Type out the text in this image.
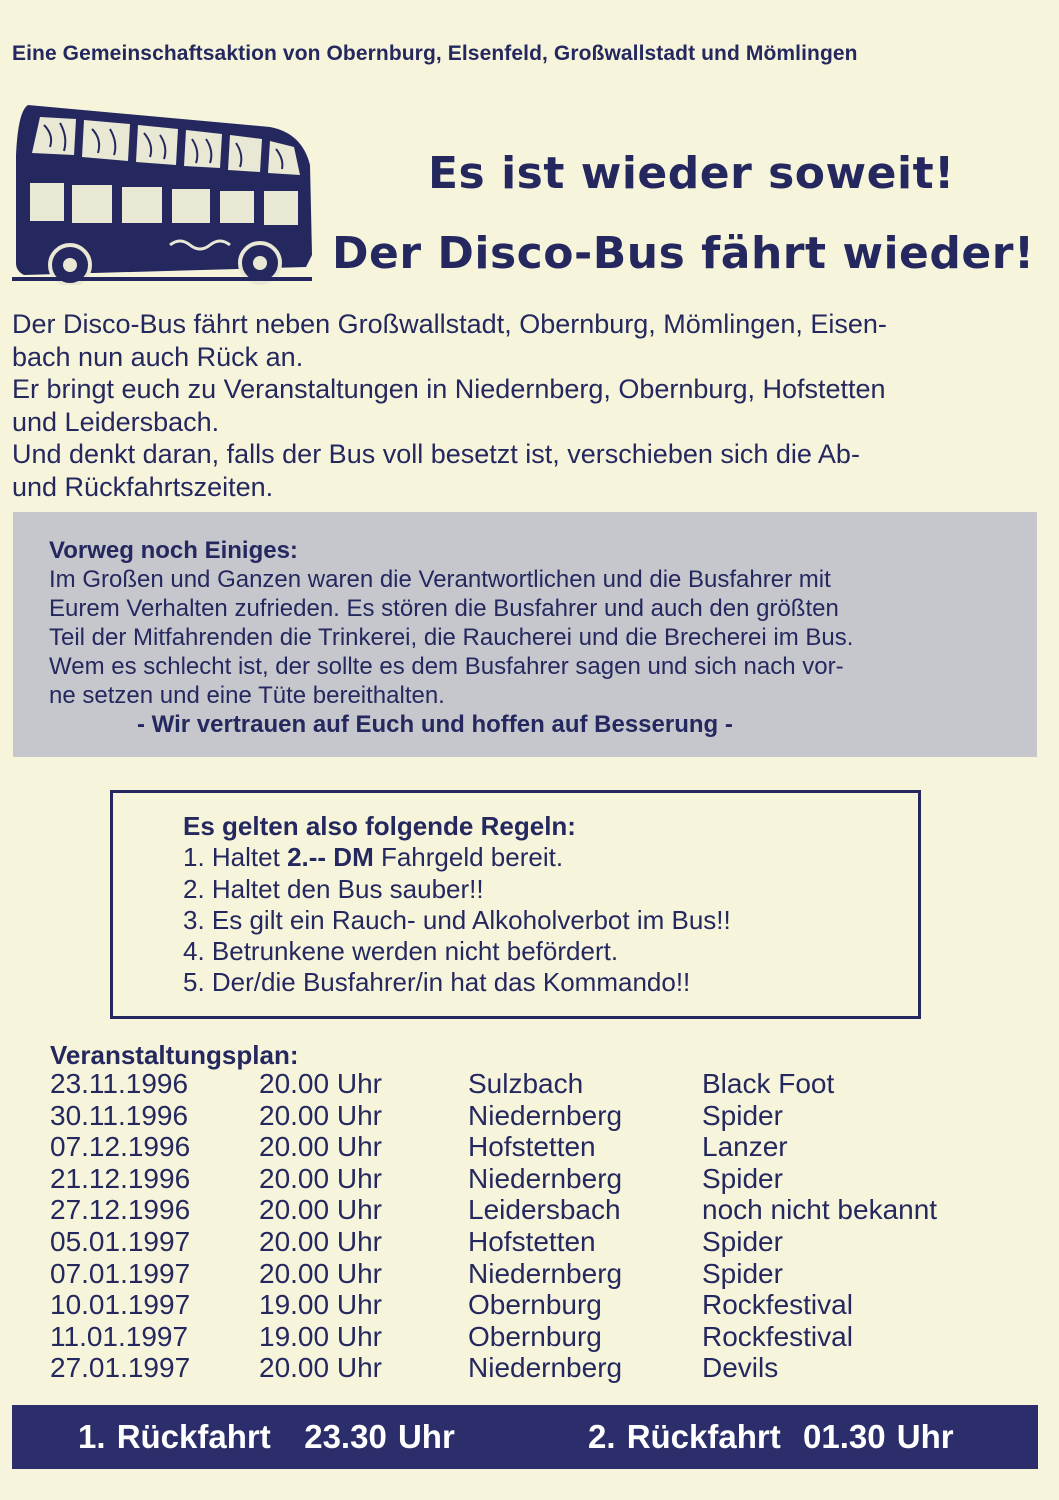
Eine Gemeinschaftsaktion von Obernburg, Elsenfeld, Großwallstadt und Mömlingen
Es ist wieder soweit!
Der Disco-Bus fährt wieder!

Der Disco-Bus fährt neben Großwallstadt, Obernburg, Mömlingen, Eisen-

bach nun auch Rück an.

Er bringt euch zu Veranstaltungen in Niedernberg, Obernburg, Hofstetten

und Leidersbach.

Und denkt daran, falls der Bus voll besetzt ist, verschieben sich die Ab-

und Rückfahrtszeiten.

Vorweg noch Einiges:
Im Großen und Ganzen waren die Verantwortlichen und die Busfahrer mit
Eurem Verhalten zufrieden. Es stören die Busfahrer und auch den größten
Teil der Mitfahrenden die Trinkerei, die Raucherei und die Brecherei im Bus.
Wem es schlecht ist, der sollte es dem Busfahrer sagen und sich nach vor-
ne setzen und eine Tüte bereithalten.
- Wir vertrauen auf Euch und hoffen auf Besserung -
Es gelten also folgende Regeln:
1. Haltet 2.-- DM Fahrgeld bereit.
2. Haltet den Bus sauber!!
3. Es gilt ein Rauch- und Alkoholverbot im Bus!!
4. Betrunkene werden nicht befördert.
5. Der/die Busfahrer/in hat das Kommando!!
Veranstaltungsplan:
23.11.1996	20.00 Uhr	Sulzbach	Black Foot
30.11.1996	20.00 Uhr	Niedernberg	Spider
07.12.1996 20.00 Uhr	Hofstetten	Lanzer
21.12.1996 20.00 Uhr	Niedernberg	Spider
27.12.1996 20.00 Uhr	Leidersbach	noch nicht bekannt
05.01.1997 20.00 Uhr	Hofstetten	Spider
07.01.1997 20.00 Uhr	Niedernberg	Spider
10.01.1997 19.00 Uhr	Obernburg	Rockfestival
11.01.1997	19.00 Uhr	Obernburg	Rockfestival
27.01.1997 20.00 Uhr	Niedernberg	Devils
1. Rückfahrt   23.30 Uhr	2. Rückfahrt  01.30 Uhr
